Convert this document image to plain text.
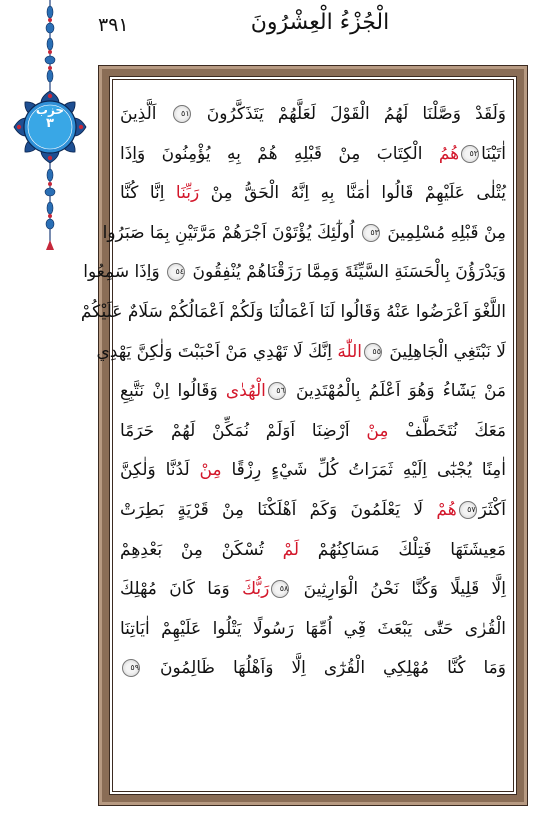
الْجُزْءُ الْعِشْرُونَ
٣٩١
حزب
٣	وَلَقَدْ وَصَّلْنَا لَهُمُ الْقَوْلَ لَعَلَّهُمْ يَتَذَكَّرُونَ ٥١ اَلَّذِينَ
اٰتَيْنَا٥٢هُمُ الْكِتَابَ مِنْ قَبْلِهِ هُمْ بِهِ يُؤْمِنُونَ وَاِذَا
يُتْلٰى عَلَيْهِمْ قَالُوا اٰمَنَّا بِهِ اِنَّهُ الْحَقُّ مِنْ رَبِّنَا اِنَّا كُنَّا
مِنْ قَبْلِهِ مُسْلِمِينَ ٥٣ اُولٰٓئِكَ يُؤْتَوْنَ اَجْرَهُمْ مَرَّتَيْنِ بِمَا صَبَرُوا
وَيَدْرَؤُنَ بِالْحَسَنَةِ السَّيِّئَةَ وَمِمَّا رَزَقْنَاهُمْ يُنْفِقُونَ ٥٤ وَاِذَا سَمِعُوا
اللَّغْوَ اَعْرَضُوا عَنْهُ وَقَالُوا لَنَا اَعْمَالُنَا وَلَكُمْ اَعْمَالُكُمْ سَلَامٌ عَلَيْكُمْ
لَا نَبْتَغِي الْجَاهِلِينَ ٥٥اللّٰهَ اِنَّكَ لَا تَهْدِي مَنْ اَحْبَبْتَ وَلٰكِنَّ يَهْدِي
مَنْ يَشَٓاءُ وَهُوَ اَعْلَمُ بِالْمُهْتَدِينَ ٥٦الْهُدٰى وَقَالُوا اِنْ نَتَّبِعِ
مَعَكَ نُتَخَطَّفْ مِنْ اَرْضِنَا اَوَلَمْ نُمَكِّنْ لَهُمْ حَرَمًا
اٰمِنًا يُجْبٰٓى اِلَيْهِ ثَمَرَاتُ كُلِّ شَيْءٍ رِزْقًا مِنْ لَدُنَّا وَلٰكِنَّ
اَكْثَرَ٥٧هُمْ لَا يَعْلَمُونَ وَكَمْ اَهْلَكْنَا مِنْ قَرْيَةٍ بَطِرَتْ
مَعِيشَتَهَا فَتِلْكَ مَسَاكِنُهُمْ لَمْ تُسْكَنْ مِنْ بَعْدِهِمْ
اِلَّا قَلِيلًا وَكُنَّا نَحْنُ الْوَارِثِينَ ٥٨رَبُّكَ وَمَا كَانَ مُهْلِكَ
الْقُرٰى حَتّٰى يَبْعَثَ فِٓي اُمِّهَا رَسُولًا يَتْلُوا عَلَيْهِمْ اٰيَاتِنَا
وَمَا كُنَّا مُهْلِكِي الْقُرٰٓى اِلَّا وَاَهْلُهَا ظَالِمُونَ ٥٩
